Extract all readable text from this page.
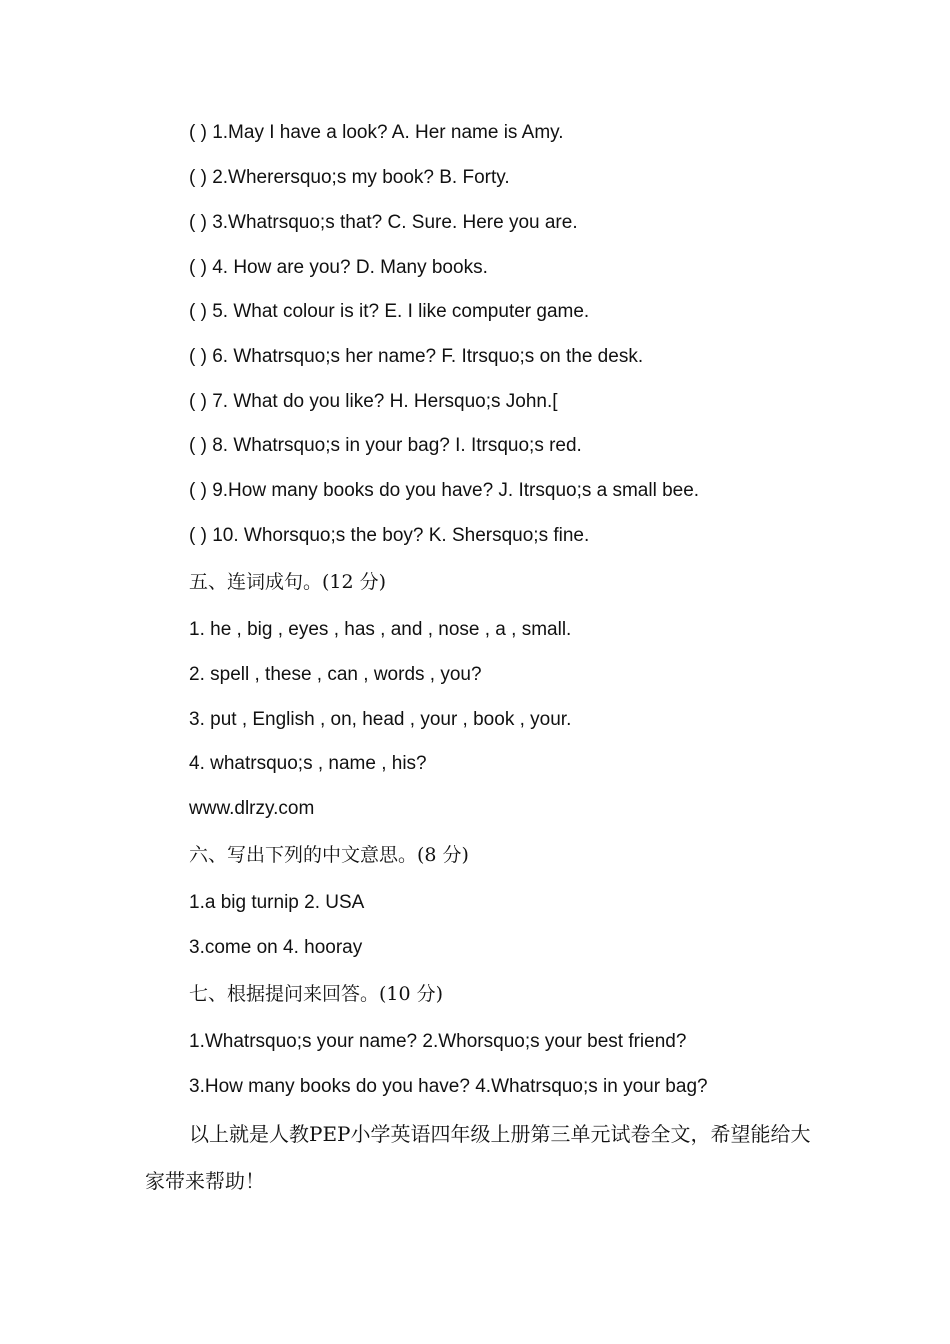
( ) 1.May I have a look? A. Her name is Amy.
( ) 2.Wherersquo;s my book? B. Forty.
( ) 3.Whatrsquo;s that? C. Sure. Here you are.
( ) 4. How are you? D. Many books.
( ) 5. What colour is it? E. I like computer game.
( ) 6. Whatrsquo;s her name? F. Itrsquo;s on the desk.
( ) 7. What do you like? H. Hersquo;s John.[
( ) 8. Whatrsquo;s in your bag? I. Itrsquo;s red.
( ) 9.How many books do you have? J. Itrsquo;s a small bee.
( ) 10. Whorsquo;s the boy? K. Shersquo;s fine.
五、连词成句。(12 分)
1. he , big , eyes , has , and , nose , a , small.
2. spell , these , can , words , you?
3. put , English , on, head , your , book , your.
4. whatrsquo;s , name , his?
www.dlrzy.com
六、写出下列的中文意思。(8 分)
1.a big turnip 2. USA
3.come on 4. hooray
七、根据提问来回答。(10 分)
1.Whatrsquo;s your name? 2.Whorsquo;s your best friend?
3.How many books do you have? 4.Whatrsquo;s in your bag?
以上就是人教PEP小学英语四年级上册第三单元试卷全文，希望能给大家带来帮助！
